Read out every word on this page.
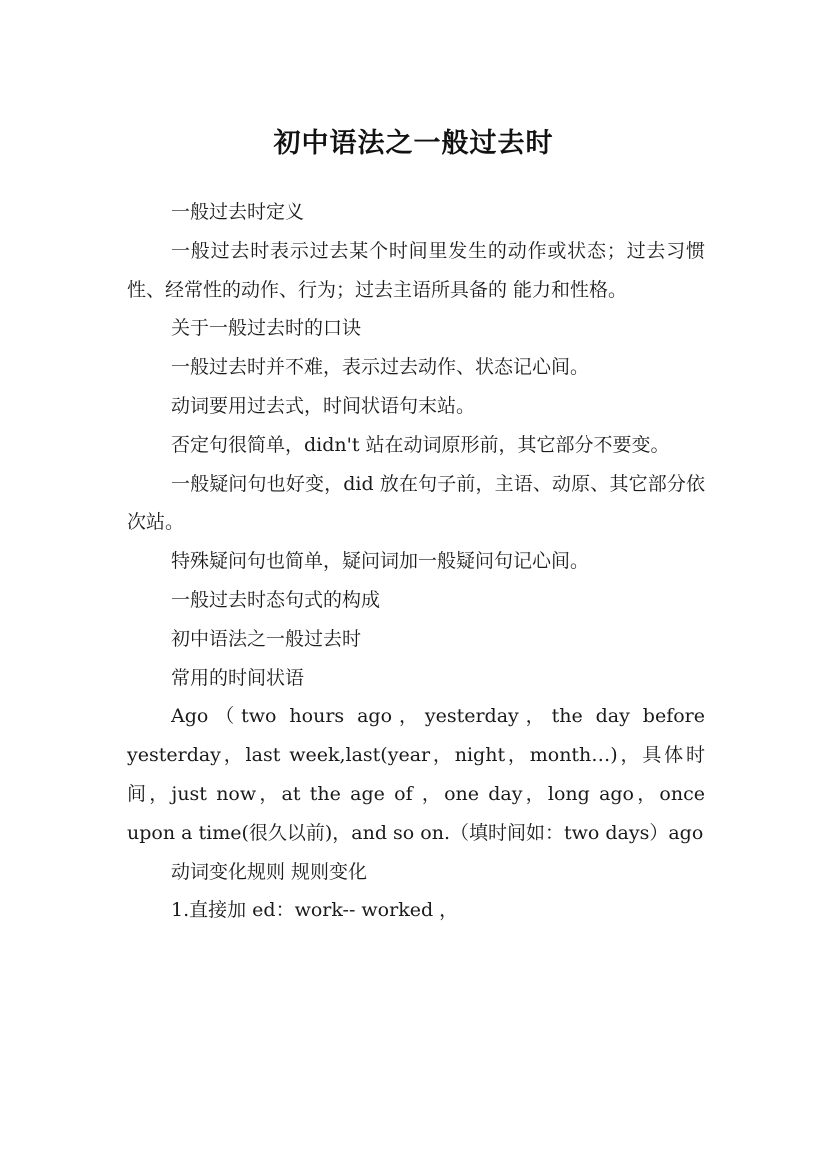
初中语法之一般过去时

一般过去时定义

一般过去时表示过去某个时间里发生的动作或状态；过去习惯性、经常性的动作、行为；过去主语所具备的 能力和性格。

关于一般过去时的口诀

一般过去时并不难，表示过去动作、状态记心间。

动词要用过去式，时间状语句末站。

否定句很简单，didn't 站在动词原形前，其它部分不要变。

一般疑问句也好变，did 放在句子前，主语、动原、其它部分依次站。

特殊疑问句也简单，疑问词加一般疑问句记心间。

一般过去时态句式的构成

初中语法之一般过去时

常用的时间状语

Ago（two hours ago，yesterday，the day before yesterday，last week,last(year，night，month…)，具体时间，just now，at the age of ，one day，long ago，once upon a time(很久以前)，and so on.（填时间如：two days）ago

动词变化规则 规则变化

1.直接加 ed：work-- worked ，
